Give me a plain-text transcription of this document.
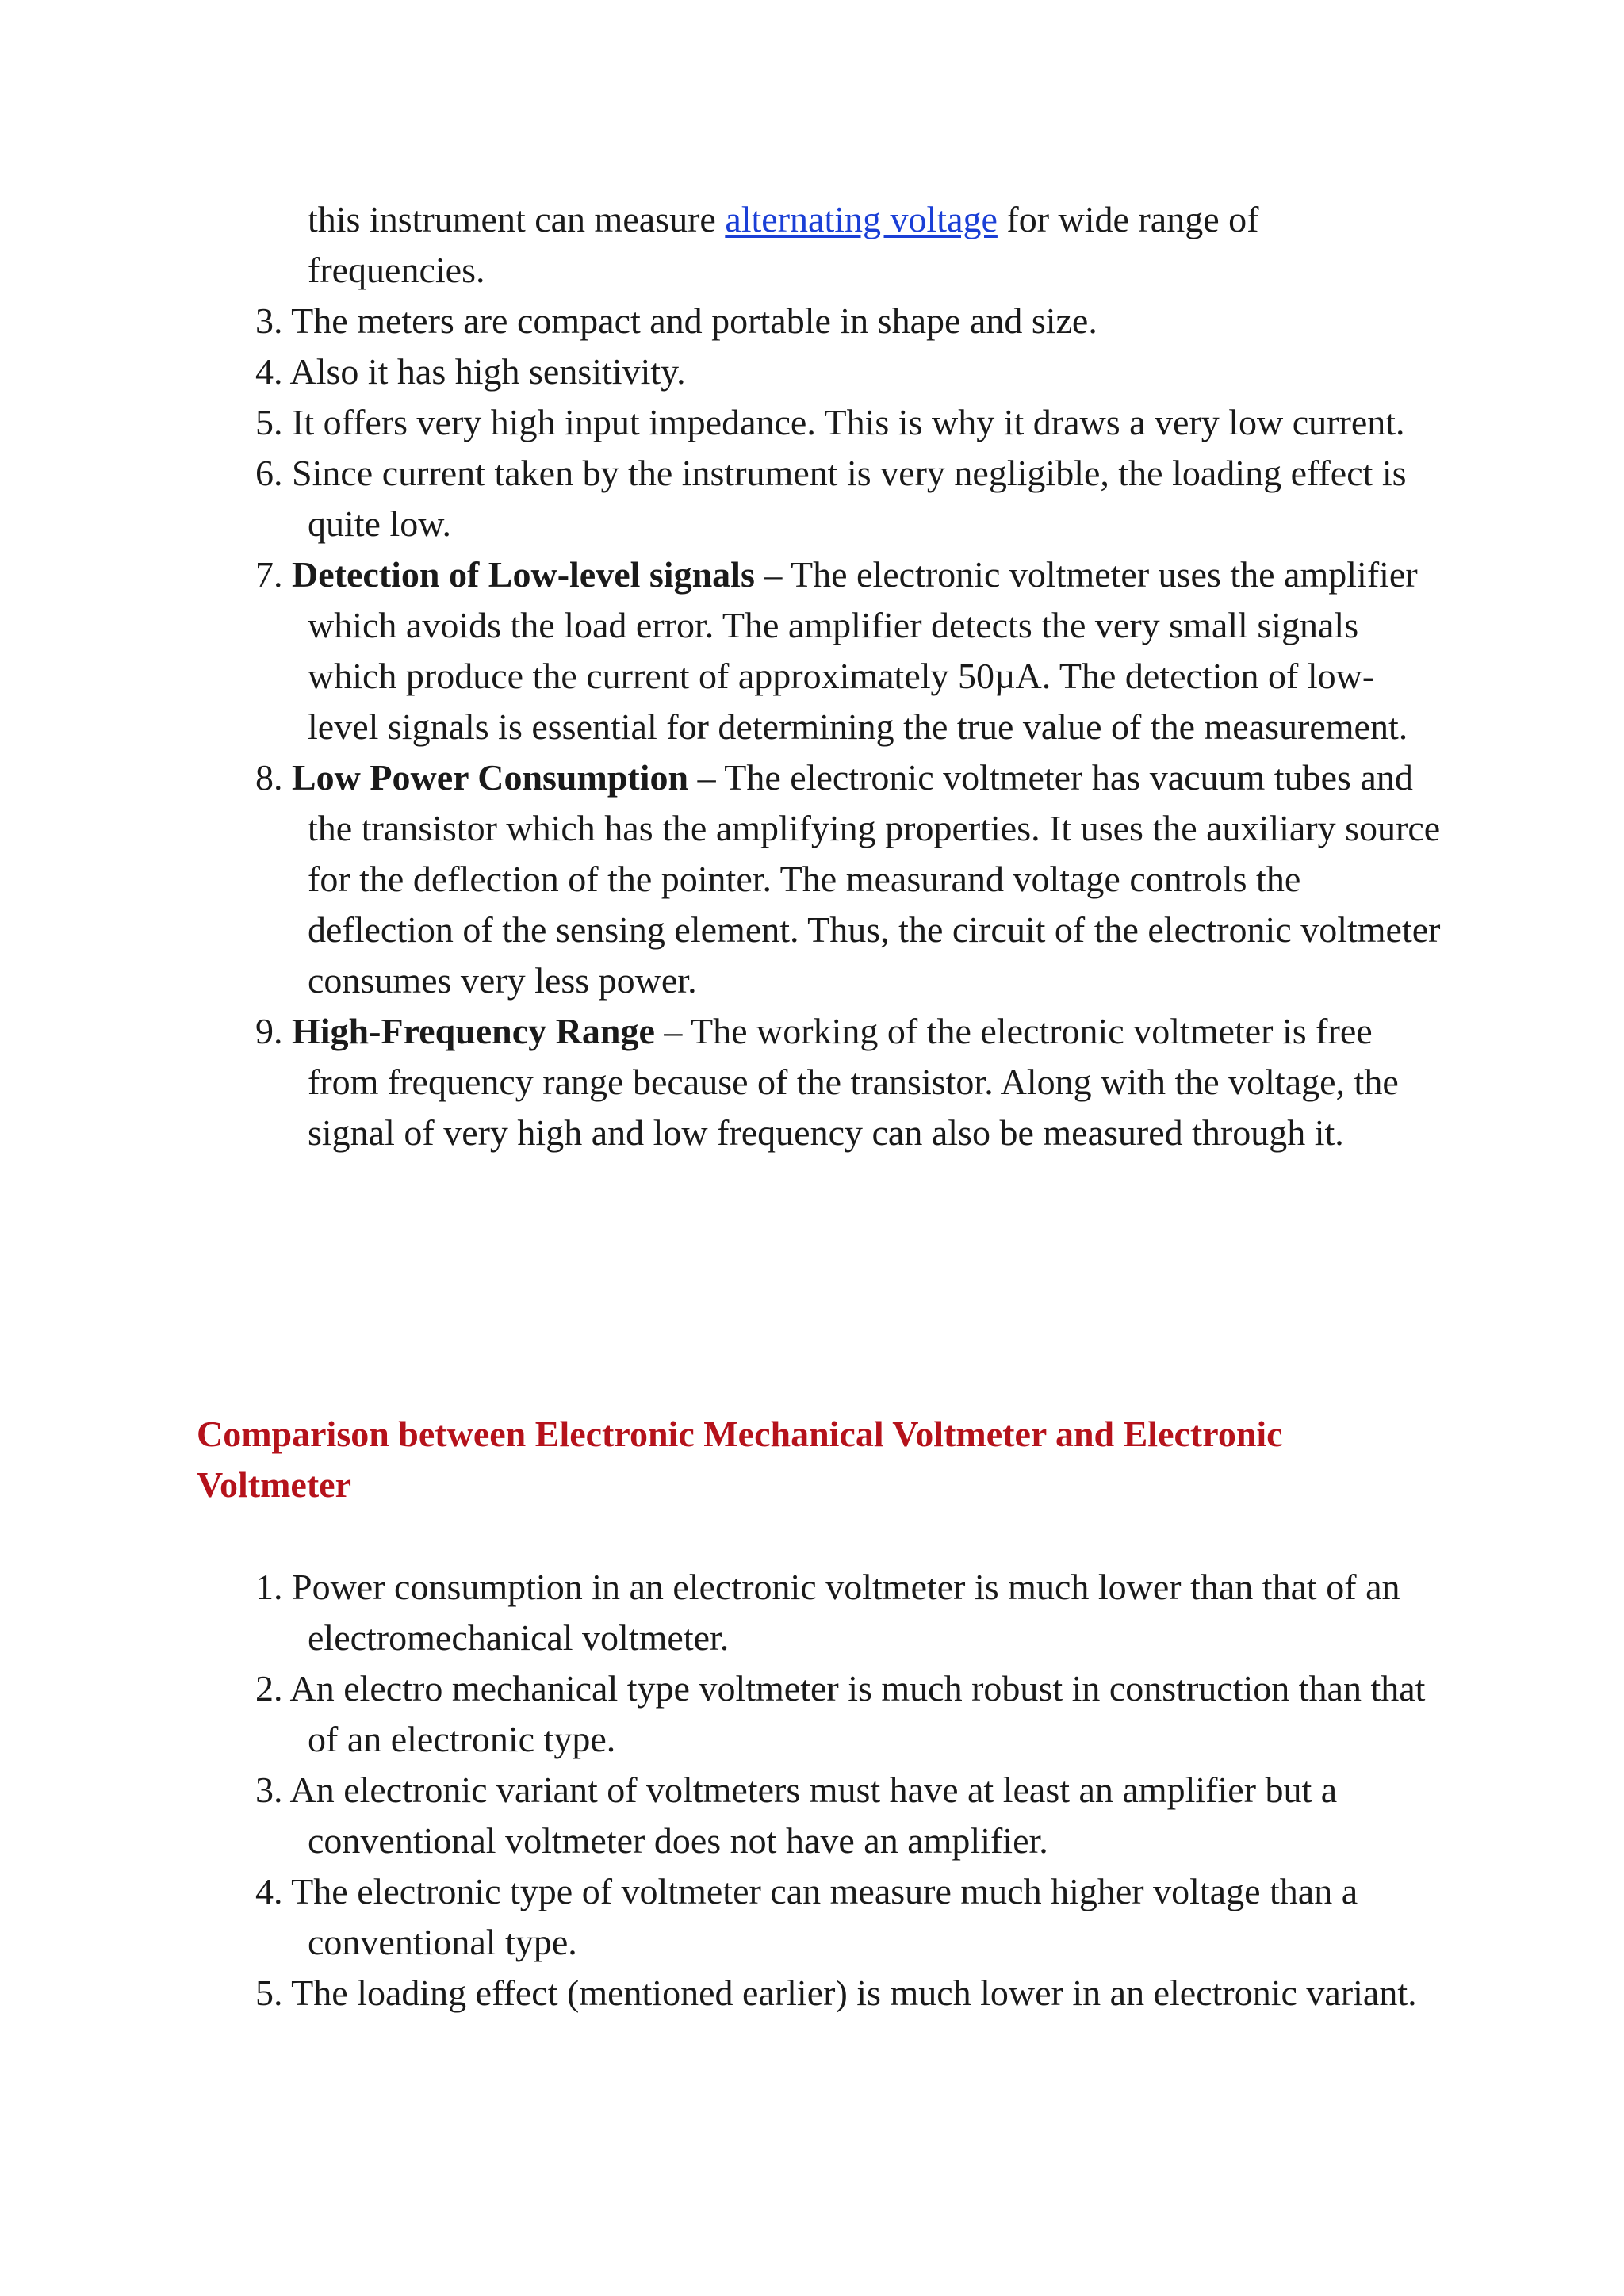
this instrument can measure alternating voltage for wide range of frequencies.

3. The meters are compact and portable in shape and size.

4. Also it has high sensitivity.

5. It offers very high input impedance. This is why it draws a very low current.

6. Since current taken by the instrument is very negligible, the loading effect is quite low.

7. Detection of Low-level signals – The electronic voltmeter uses the amplifier which avoids the load error. The amplifier detects the very small signals which produce the current of approximately 50µA. The detection of low-level signals is essential for determining the true value of the measurement.

8. Low Power Consumption – The electronic voltmeter has vacuum tubes and the transistor which has the amplifying properties. It uses the auxiliary source for the deflection of the pointer. The measurand voltage controls the deflection of the sensing element. Thus, the circuit of the electronic voltmeter consumes very less power.

9. High-Frequency Range – The working of the electronic voltmeter is free from frequency range because of the transistor. Along with the voltage, the signal of very high and low frequency can also be measured through it.

Comparison between Electronic Mechanical Voltmeter and Electronic Voltmeter

1. Power consumption in an electronic voltmeter is much lower than that of an electromechanical voltmeter.

2. An electro mechanical type voltmeter is much robust in construction than that of an electronic type.

3. An electronic variant of voltmeters must have at least an amplifier but a conventional voltmeter does not have an amplifier.

4. The electronic type of voltmeter can measure much higher voltage than a conventional type.

5. The loading effect (mentioned earlier) is much lower in an electronic variant.
